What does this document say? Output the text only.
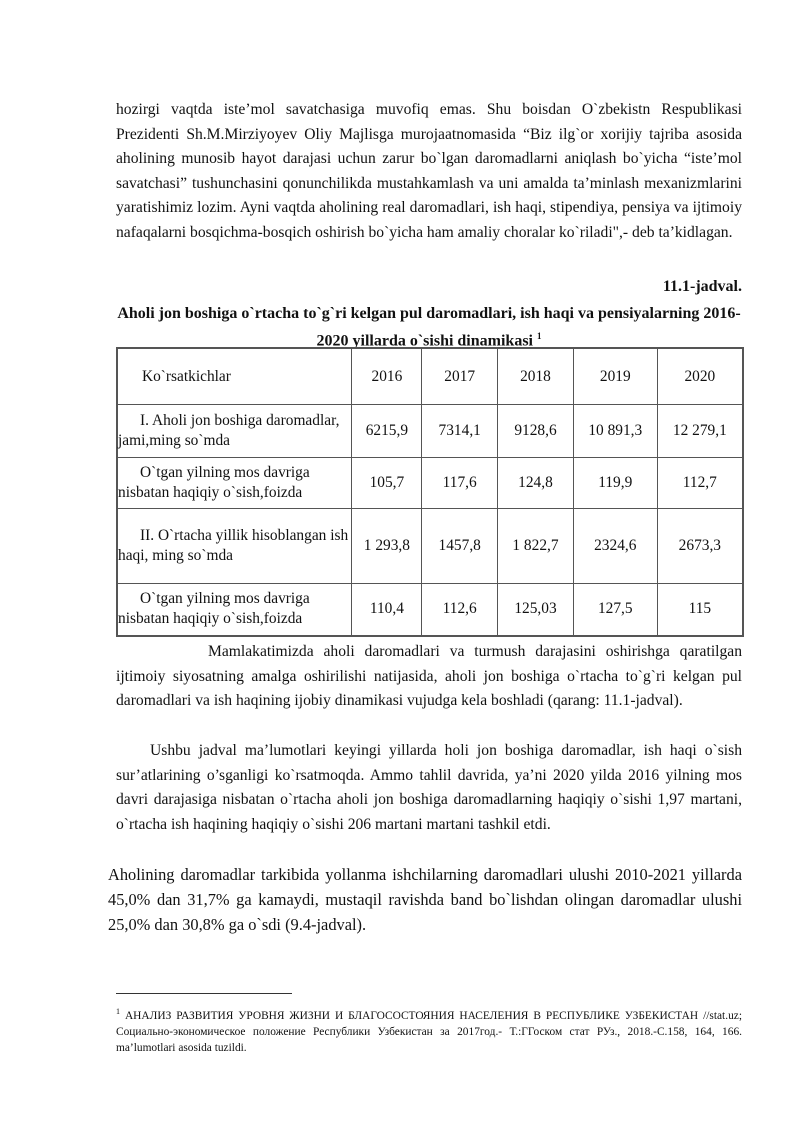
hozirgi vaqtda iste’mol savatchasiga muvofiq emas. Shu boisdan O`zbekistn Respublikasi Prezidenti Sh.M.Mirziyoyev Oliy Majlisga murojaatnomasida “Biz ilg`or xorijiy tajriba asosida aholining munosib hayot darajasi uchun zarur bo`lgan daromadlarni aniqlash bo`yicha “iste’mol savatchasi” tushunchasini qonunchilikda mustahkamlash va uni amalda ta’minlash mexanizmlarini yaratishimiz lozim. Ayni vaqtda aholining real daromadlari, ish haqi, stipendiya, pensiya va ijtimoiy nafaqalarni bosqichma-bosqich oshirish bo`yicha ham amaliy choralar ko`riladi",- deb ta’kidlagan.

11.1-jadval.
Aholi jon boshiga o`rtacha to`g`ri kelgan pul daromadlari, ish haqi va pensiyalarning 2016-2020 yillarda o`sishi dinamikasi $^1$
Ko`rsatkichlar	2016	2017	2018	2019	2020
I. Aholi jon boshiga daromadlar, jami,ming so`mda	6215,9	7314,1	9128,6	10 891,3	12 279,1
O`tgan yilning mos davriga nisbatan haqiqiy o`sish,foizda	105,7	117,6	124,8	119,9	112,7
II. O`rtacha yillik hisoblangan ish haqi, ming so`mda	1 293,8	1457,8	1 822,7	2324,6	2673,3
O`tgan yilning mos davriga nisbatan haqiqiy o`sish,foizda	110,4	112,6	125,03	127,5	115

Mamlakatimizda aholi daromadlari va turmush darajasini oshirishga qaratilgan ijtimoiy siyosatning amalga oshirilishi natijasida, aholi jon boshiga o`rtacha to`g`ri kelgan pul daromadlari va ish haqining ijobiy dinamikasi vujudga kela boshladi (qarang: 11.1-jadval).

Ushbu jadval ma’lumotlari keyingi yillarda holi jon boshiga daromadlar, ish haqi o`sish sur’atlarining o’sganligi ko`rsatmoqda. Ammo tahlil davrida, ya’ni 2020 yilda 2016 yilning mos davri darajasiga nisbatan o`rtacha aholi jon boshiga daromadlarning haqiqiy o`sishi 1,97 martani, o`rtacha ish haqining haqiqiy o`sishi 206 martani martani tashkil etdi.

Aholining daromadlar tarkibida yollanma ishchilarning daromadlari ulushi 2010-2021 yillarda 45,0% dan 31,7% ga kamaydi, mustaqil ravishda band bo`lishdan olingan daromadlar ulushi 25,0% dan 30,8% ga o`sdi (9.4-jadval).

$^1$ АНАЛИЗ РАЗВИТИЯ УРОВНЯ ЖИЗНИ И БЛАГОСОСТОЯНИЯ НАСЕЛЕНИЯ В РЕСПУБЛИКЕ УЗБЕКИСТАН //stat.uz; Социально-экономическое положение Республики Узбекистан за 2017год.- Т.:ГГоском стат РУз., 2018.-С.158, 164, 166. ma’lumotlari asosida tuzildi.
